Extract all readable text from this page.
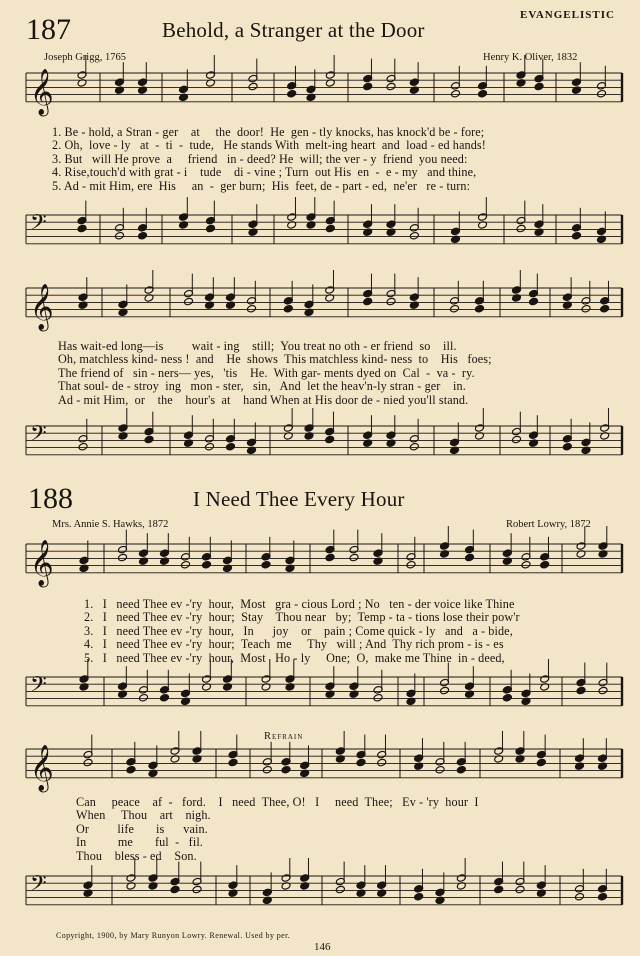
187	Behold, a Stranger at the Door
EVANGELISTIC
Joseph Grigg, 1765	Henry K. Oliver, 1832
𝄞
𝄢
𝄞
𝄢
𝄞
𝄢
𝄞
𝄢
1. Be - hold, a Stran - ger    at     the  door!  He  gen - tly knocks, has knock'd be - fore;
2. Oh,  love - ly   at  -  ti  -  tude,   He stands With  melt-ing heart  and  load - ed hands!
3. But   will He prove  a     friend   in - deed? He  will; the ver - y  friend  you need:
4. Rise,touch'd with grat - i    tude    di - vine ; Turn  out His  en  -  e - my   and thine,
5. Ad - mit Him, ere  His     an  -  ger burn;  His  feet, de - part - ed,  ne'er   re - turn:
Has wait-ed long—is         wait - ing    still;  You treat no oth - er friend  so    ill.
Oh, matchless kind- ness !  and    He  shows  This matchless kind- ness  to    His   foes;
The friend of   sin - ners— yes,   'tis    He.  With gar- ments dyed on  Cal  -  va -  ry.
That soul- de - stroy  ing   mon - ster,   sin,   And  let the heav'n-ly stran - ger    in.
Ad - mit Him,  or    the    hour's  at    hand When at His door de - nied you'll stand.
188	I Need Thee Every Hour
Mrs. Annie S. Hawks, 1872	Robert Lowry, 1872
1.   I   need Thee ev -'ry  hour,  Most   gra - cious Lord ; No   ten - der voice like Thine
2.   I   need Thee ev -'ry  hour;  Stay    Thou near   by;  Temp - ta - tions lose their pow'r
3.   I   need Thee ev -'ry  hour,   In      joy    or    pain ; Come quick - ly   and   a - bide,
4.   I   need Thee ev -'ry  hour;  Teach  me     Thy   will ; And  Thy rich prom - is - es
5.   I   need Thee ev -'ry  hour,  Most   Ho - ly     One;  O,  make me Thine  in - deed,
Refrain
Can     peace    af  -   ford.    I   need  Thee, O!   I     need  Thee;   Ev - 'ry  hour  I
When     Thou    art    nigh.
Or         life       is      vain.
In          me       ful  -   fil.
Thou    bless - ed    Son.
Copyright, 1900, by Mary Runyon Lowry. Renewal. Used by per.
146
